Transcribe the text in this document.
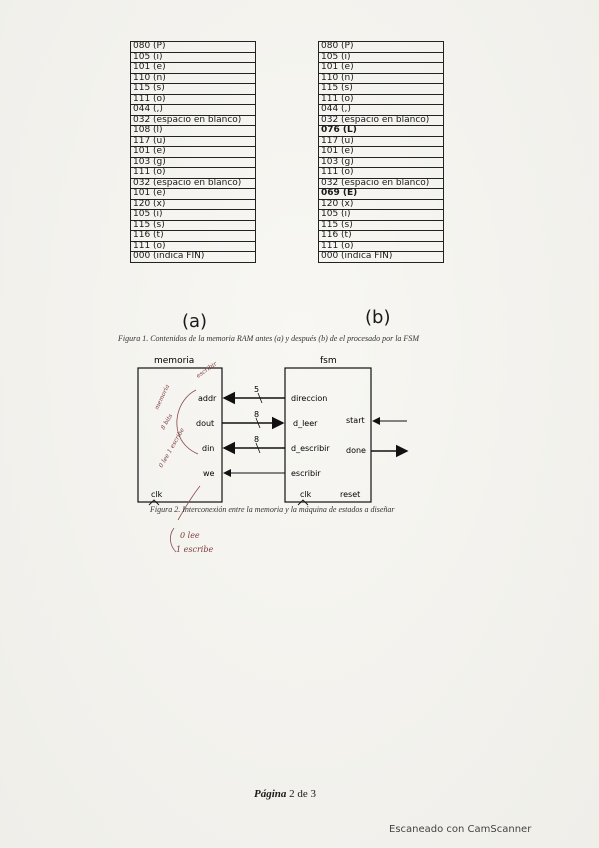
080 (P)
105 (i)
101 (e)
110 (n)
115 (s)
111 (o)
044 (,)
032 (espacio en blanco)
108 (l)
117 (u)
101 (e)
103 (g)
111 (o)
032 (espacio en blanco)
101 (e)
120 (x)
105 (i)
115 (s)
116 (t)
111 (o)
000 (indica FIN)
080 (P)
105 (i)
101 (e)
110 (n)
115 (s)
111 (o)
044 (,)
032 (espacio en blanco)
076 (L)
117 (u)
101 (e)
103 (g)
111 (o)
032 (espacio en blanco)
069 (E)
120 (x)
105 (i)
115 (s)
116 (t)
111 (o)
000 (indica FIN)
(a)	(b)
Figura 1. Contenidos de la memoria RAM antes (a) y después (b) de el procesado por la FSM
memoria	fsm
addr
dout
din
we
clk
direccion
d_leer
d_escribir
escribir
clk	reset
start
done
5
8
8
escribir
memoria
8 bits
0 lee 1 escribe
0 lee
1 escribe
Figura 2. Interconexión entre la memoria y la máquina de estados a diseñar
Página 2 de 3
Escaneado con CamScanner
